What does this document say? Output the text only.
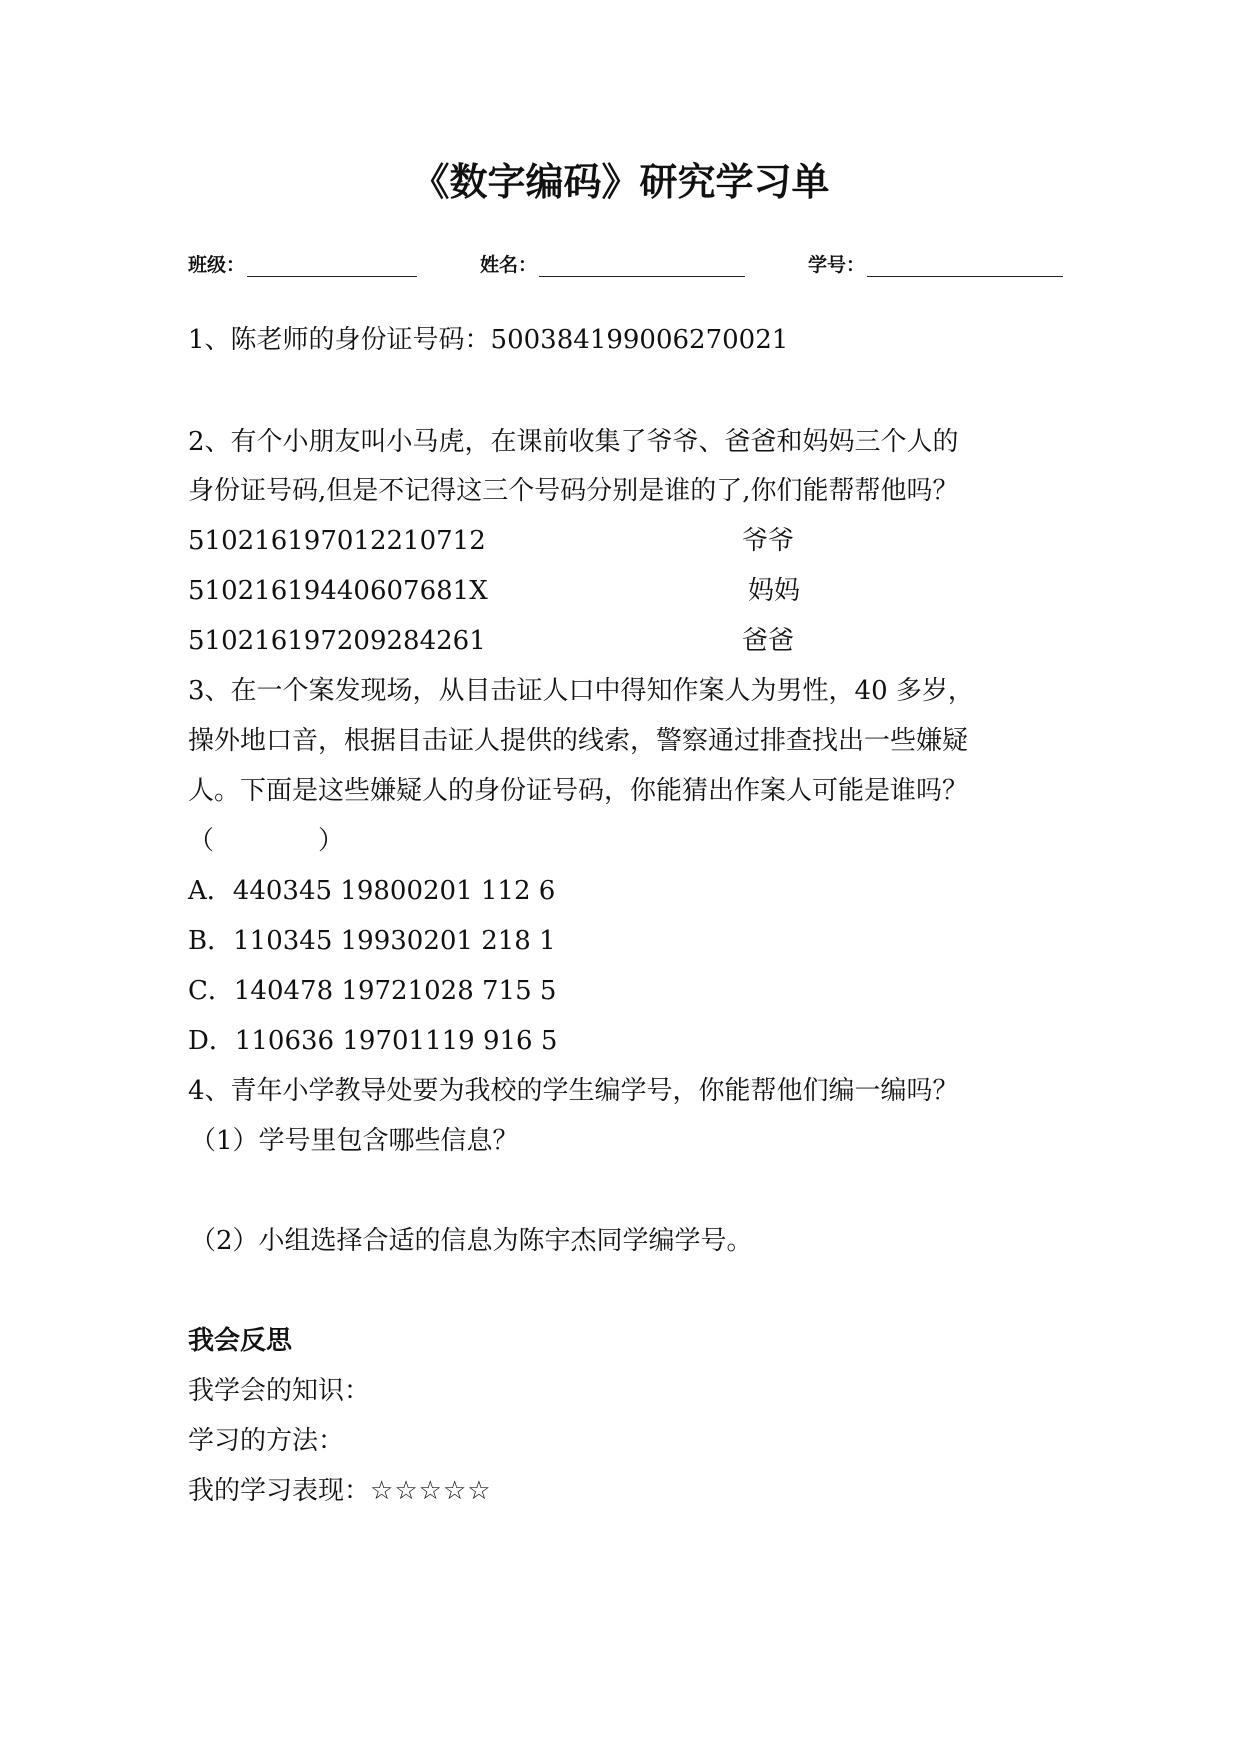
《数字编码》研究学习单
班级：	姓名：	学号：
1、陈老师的身份证号码：500384199006270021
2、有个小朋友叫小马虎，在课前收集了爷爷、爸爸和妈妈三个人的
身份证号码,但是不记得这三个号码分别是谁的了,你们能帮帮他吗？
510216197012210712	爷爷
51021619440607681X	妈妈
510216197209284261	爸爸
3、在一个案发现场，从目击证人口中得知作案人为男性，40 多岁，
操外地口音，根据目击证人提供的线索，警察通过排查找出一些嫌疑
人。下面是这些嫌疑人的身份证号码，你能猜出作案人可能是谁吗？
（　　　　）
A．440345 19800201 112 6
B．110345 19930201 218 1
C．140478 19721028 715 5
D．110636 19701119 916 5
4、青年小学教导处要为我校的学生编学号，你能帮他们编一编吗？
（1）学号里包含哪些信息？
（2）小组选择合适的信息为陈宇杰同学编学号。
我会反思
我学会的知识：
学习的方法：
我的学习表现：☆☆☆☆☆
